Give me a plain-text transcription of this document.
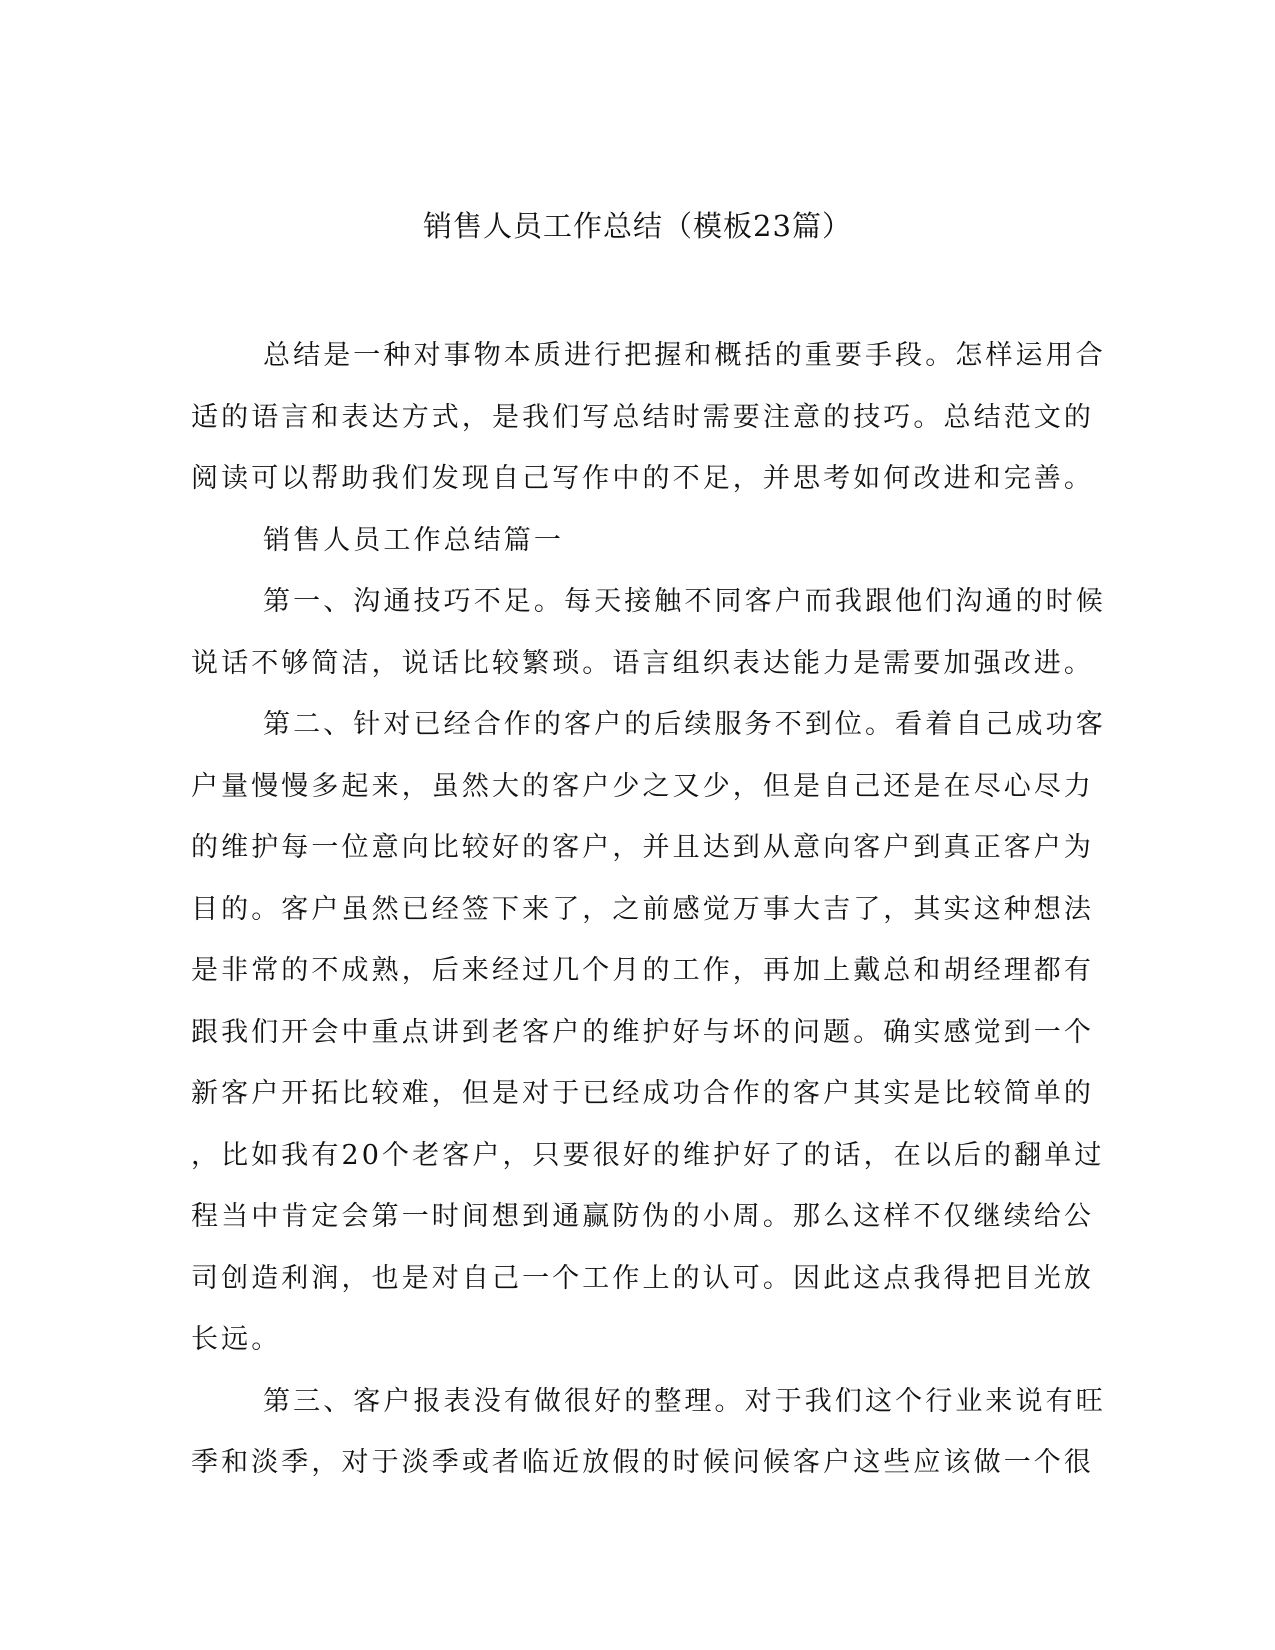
销售人员工作总结（模板23篇）
总结是一种对事物本质进行把握和概括的重要手段。怎样运用合
适的语言和表达方式，是我们写总结时需要注意的技巧。总结范文的
阅读可以帮助我们发现自己写作中的不足，并思考如何改进和完善。
销售人员工作总结篇一
第一、沟通技巧不足。每天接触不同客户而我跟他们沟通的时候
说话不够简洁，说话比较繁琐。语言组织表达能力是需要加强改进。
第二、针对已经合作的客户的后续服务不到位。看着自己成功客
户量慢慢多起来，虽然大的客户少之又少，但是自己还是在尽心尽力
的维护每一位意向比较好的客户，并且达到从意向客户到真正客户为
目的。客户虽然已经签下来了，之前感觉万事大吉了，其实这种想法
是非常的不成熟，后来经过几个月的工作，再加上戴总和胡经理都有
跟我们开会中重点讲到老客户的维护好与坏的问题。确实感觉到一个
新客户开拓比较难，但是对于已经成功合作的客户其实是比较简单的
，比如我有20个老客户，只要很好的维护好了的话，在以后的翻单过
程当中肯定会第一时间想到通赢防伪的小周。那么这样不仅继续给公
司创造利润，也是对自己一个工作上的认可。因此这点我得把目光放
长远。
第三、客户报表没有做很好的整理。对于我们这个行业来说有旺
季和淡季，对于淡季或者临近放假的时候问候客户这些应该做一个很
